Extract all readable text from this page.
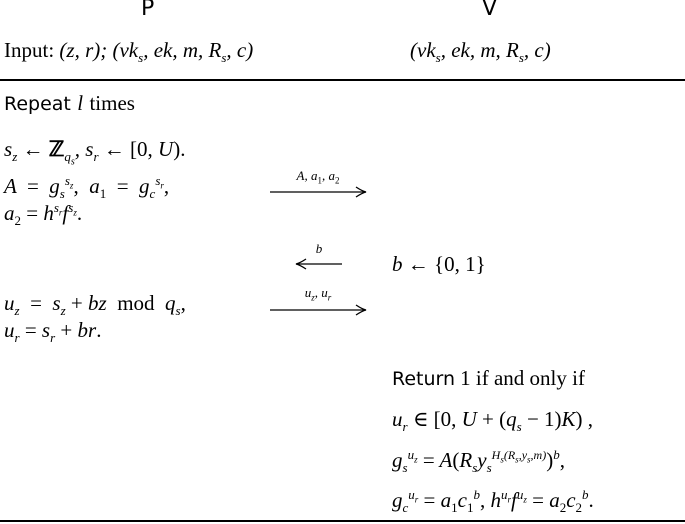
P	V
Input: (z, r); ($vk_s$, ek, m, $R_s$, c)	($vk_s$, ek, m, $R_s$, c)
Repeat l times
$s_z$ ← ℤ$_{q_s}$, $s_r$ ← [0, U).
$A = g_s^{s_z}$,  $a_1 = g_c^{s_r}$,
$a_2 = h^{s_r}f^{s_z}$.
A, $a_1$, $a_2$
b
b ← {0, 1}
$u_z = s_z$ + bz  mod  $q_s$,
$u_r = s_r$ + br.
$u_z$, $u_r$
Return 1 if and only if
$u_r$ ∈ [0, $U + (q_s - 1)K$) ,
$g_s^{u_z} = A(R_sy_s^{H_s(R_s,y_s,m)})^b$,
$g_c^{u_r} = a_1c_1^b$, $h^{u_r}f^{u_z} = a_2c_2^b$.
